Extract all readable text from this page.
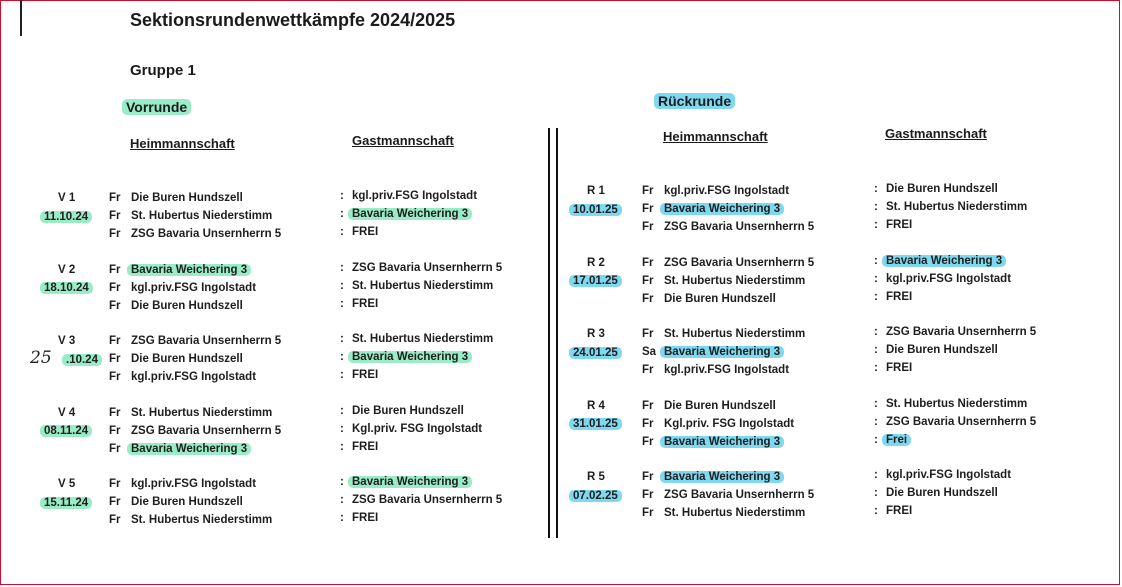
Sektionsrundenwettkämpfe 2024/2025
Gruppe 1
Vorrunde	Rückrunde
Heimmannschaft	Gastmannschaft	Heimmannschaft	Gastmannschaft
V 1
11.10.24
Fr Die Buren Hundszell	: kgl.priv.FSG Ingolstadt
Fr St. Hubertus Niederstimm	: Bavaria Weichering 3
Fr ZSG Bavaria Unsernherrn 5	: FREI
V 2
18.10.24
Fr Bavaria Weichering 3	: ZSG Bavaria Unsernherrn 5
Fr kgl.priv.FSG Ingolstadt	: St. Hubertus Niederstimm
Fr Die Buren Hundszell	: FREI
V 3
.10.24
25
Fr ZSG Bavaria Unsernherrn 5	: St. Hubertus Niederstimm
Fr Die Buren Hundszell	: Bavaria Weichering 3
Fr kgl.priv.FSG Ingolstadt	: FREI
V 4
08.11.24
Fr St. Hubertus Niederstimm	: Die Buren Hundszell
Fr ZSG Bavaria Unsernherrn 5	: Kgl.priv. FSG Ingolstadt
Fr Bavaria Weichering 3	: FREI
V 5
15.11.24
Fr kgl.priv.FSG Ingolstadt	: Bavaria Weichering 3
Fr Die Buren Hundszell	: ZSG Bavaria Unsernherrn 5
Fr St. Hubertus Niederstimm	: FREI
R 1
10.01.25
Fr kgl.priv.FSG Ingolstadt	: Die Buren Hundszell
Fr Bavaria Weichering 3	: St. Hubertus Niederstimm
Fr ZSG Bavaria Unsernherrn 5	: FREI
R 2
17.01.25
Fr ZSG Bavaria Unsernherrn 5	: Bavaria Weichering 3
Fr St. Hubertus Niederstimm	: kgl.priv.FSG Ingolstadt
Fr Die Buren Hundszell	: FREI
R 3
24.01.25
Fr St. Hubertus Niederstimm	: ZSG Bavaria Unsernherrn 5
Sa Bavaria Weichering 3	: Die Buren Hundszell
Fr kgl.priv.FSG Ingolstadt	: FREI
R 4
31.01.25
Fr Die Buren Hundszell	: St. Hubertus Niederstimm
Fr Kgl.priv. FSG Ingolstadt	: ZSG Bavaria Unsernherrn 5
Fr Bavaria Weichering 3	: Frei
R 5
07.02.25
Fr Bavaria Weichering 3	: kgl.priv.FSG Ingolstadt
Fr ZSG Bavaria Unsernherrn 5	: Die Buren Hundszell
Fr St. Hubertus Niederstimm	: FREI
